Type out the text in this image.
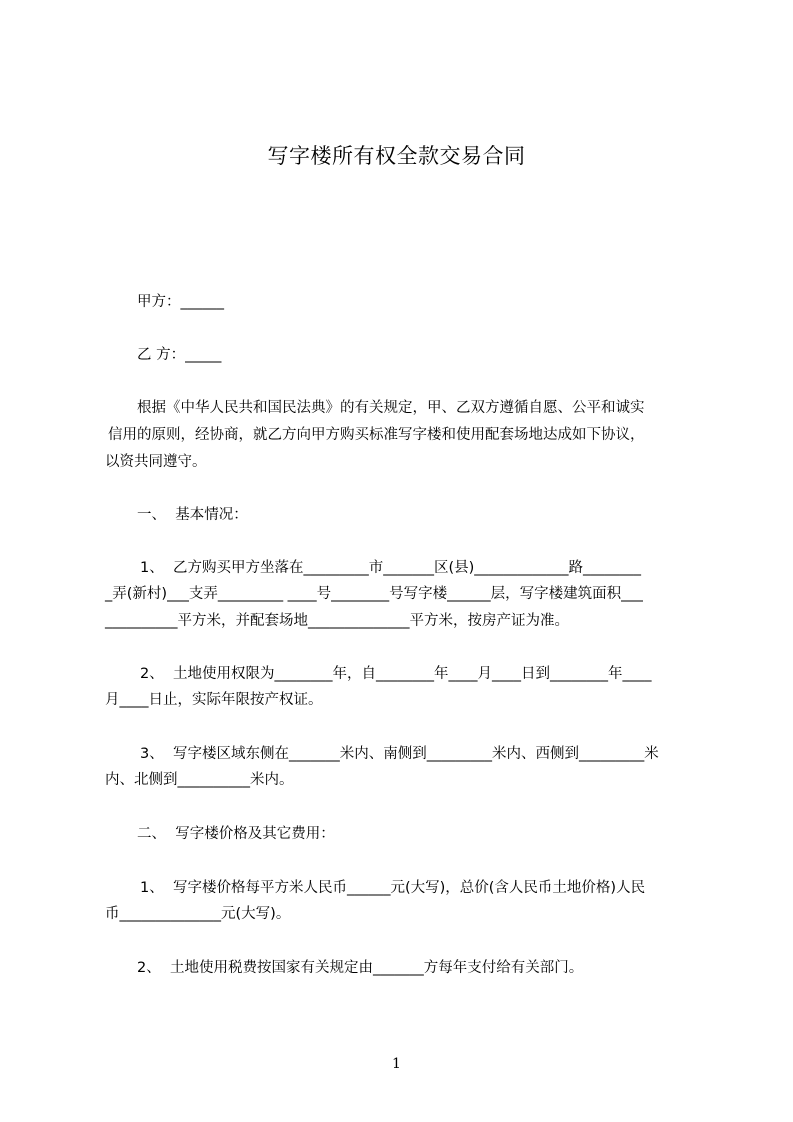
写字楼所有权全款交易合同
甲方：______
乙 方：_____
根据《中华人民共和国民法典》的有关规定，甲、乙双方遵循自愿、公平和诚实
信用的原则，经协商，就乙方向甲方购买标准写字楼和使用配套场地达成如下协议，
以资共同遵守。
一、  基本情况：
1、  乙方购买甲方坐落在_________市_______区(县)_____________路________
_弄(新村)___支弄_________ ____号________号写字楼______层，写字楼建筑面积___
__________平方米，并配套场地______________平方米，按房产证为准。
2、  土地使用权限为________年，自________年____月____日到________年____
月____日止，实际年限按产权证。
3、  写字楼区域东侧在_______米内、南侧到_________米内、西侧到_________米
内、北侧到__________米内。
二、  写字楼价格及其它费用：
1、  写字楼价格每平方米人民币______元(大写)，总价(含人民币土地价格)人民
币______________元(大写)。
2、  土地使用税费按国家有关规定由_______方每年支付给有关部门。
1
